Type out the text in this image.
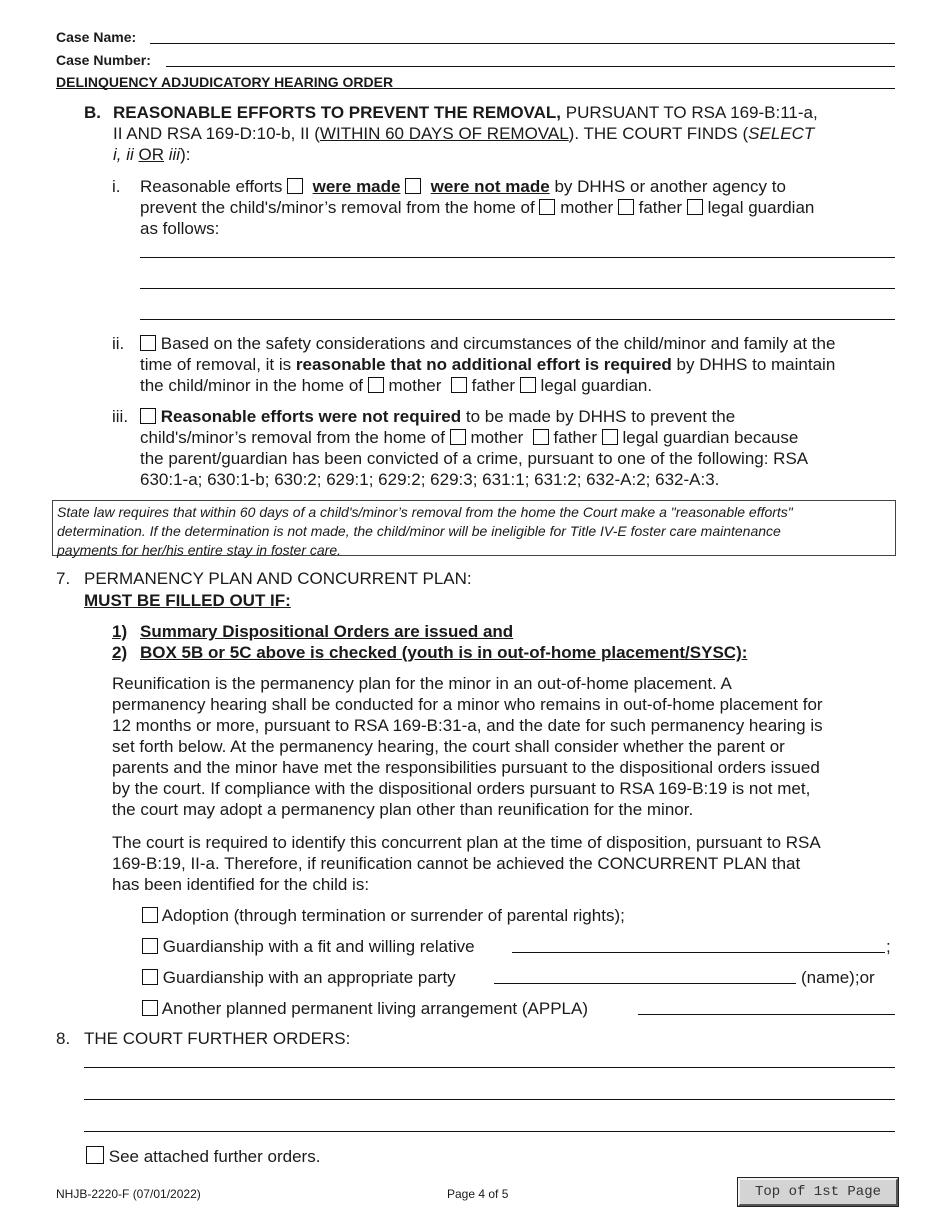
Case Name:
Case Number:
DELINQUENCY ADJUDICATORY HEARING ORDER
B. REASONABLE EFFORTS TO PREVENT THE REMOVAL, PURSUANT TO RSA 169-B:11-a,
II AND RSA 169-D:10-b, II (WITHIN 60 DAYS OF REMOVAL). THE COURT FINDS (SELECT
i, ii OR iii):
i. Reasonable efforts were made were not made by DHHS or another agency to
prevent the child's/minor’s removal from the home of mother father legal guardian
as follows:
ii.	Based on the safety considerations and circumstances of the child/minor and family at the
time of removal, it is reasonable that no additional effort is required by DHHS to maintain
the child/minor in the home of mother father legal guardian.
iii.	Reasonable efforts were not required to be made by DHHS to prevent the
child's/minor’s removal from the home of mother father legal guardian because
the parent/guardian has been convicted of a crime, pursuant to one of the following: RSA
630:1-a; 630:1-b; 630:2; 629:1; 629:2; 629:3; 631:1; 631:2; 632-A:2; 632-A:3.
State law requires that within 60 days of a child's/minor’s removal from the home the Court make a "reasonable efforts"
determination. If the determination is not made, the child/minor will be ineligible for Title IV-E foster care maintenance
payments for her/his entire stay in foster care.
7. PERMANENCY PLAN AND CONCURRENT PLAN:
MUST BE FILLED OUT IF:
1) Summary Dispositional Orders are issued and
2) BOX 5B or 5C above is checked (youth is in out-of-home placement/SYSC):
Reunification is the permanency plan for the minor in an out-of-home placement. A
permanency hearing shall be conducted for a minor who remains in out-of-home placement for
12 months or more, pursuant to RSA 169-B:31-a, and the date for such permanency hearing is
set forth below. At the permanency hearing, the court shall consider whether the parent or
parents and the minor have met the responsibilities pursuant to the dispositional orders issued
by the court. If compliance with the dispositional orders pursuant to RSA 169-B:19 is not met,
the court may adopt a permanency plan other than reunification for the minor.
The court is required to identify this concurrent plan at the time of disposition, pursuant to RSA
169-B:19, II-a. Therefore, if reunification cannot be achieved the CONCURRENT PLAN that
has been identified for the child is:
Adoption (through termination or surrender of parental rights);
Guardianship with a fit and willing relative	;
Guardianship with an appropriate party	(name);or
Another planned permanent living arrangement (APPLA)
8. THE COURT FURTHER ORDERS:
See attached further orders.
NHJB-2220-F (07/01/2022)	Page 4 of 5	Top of 1st Page
